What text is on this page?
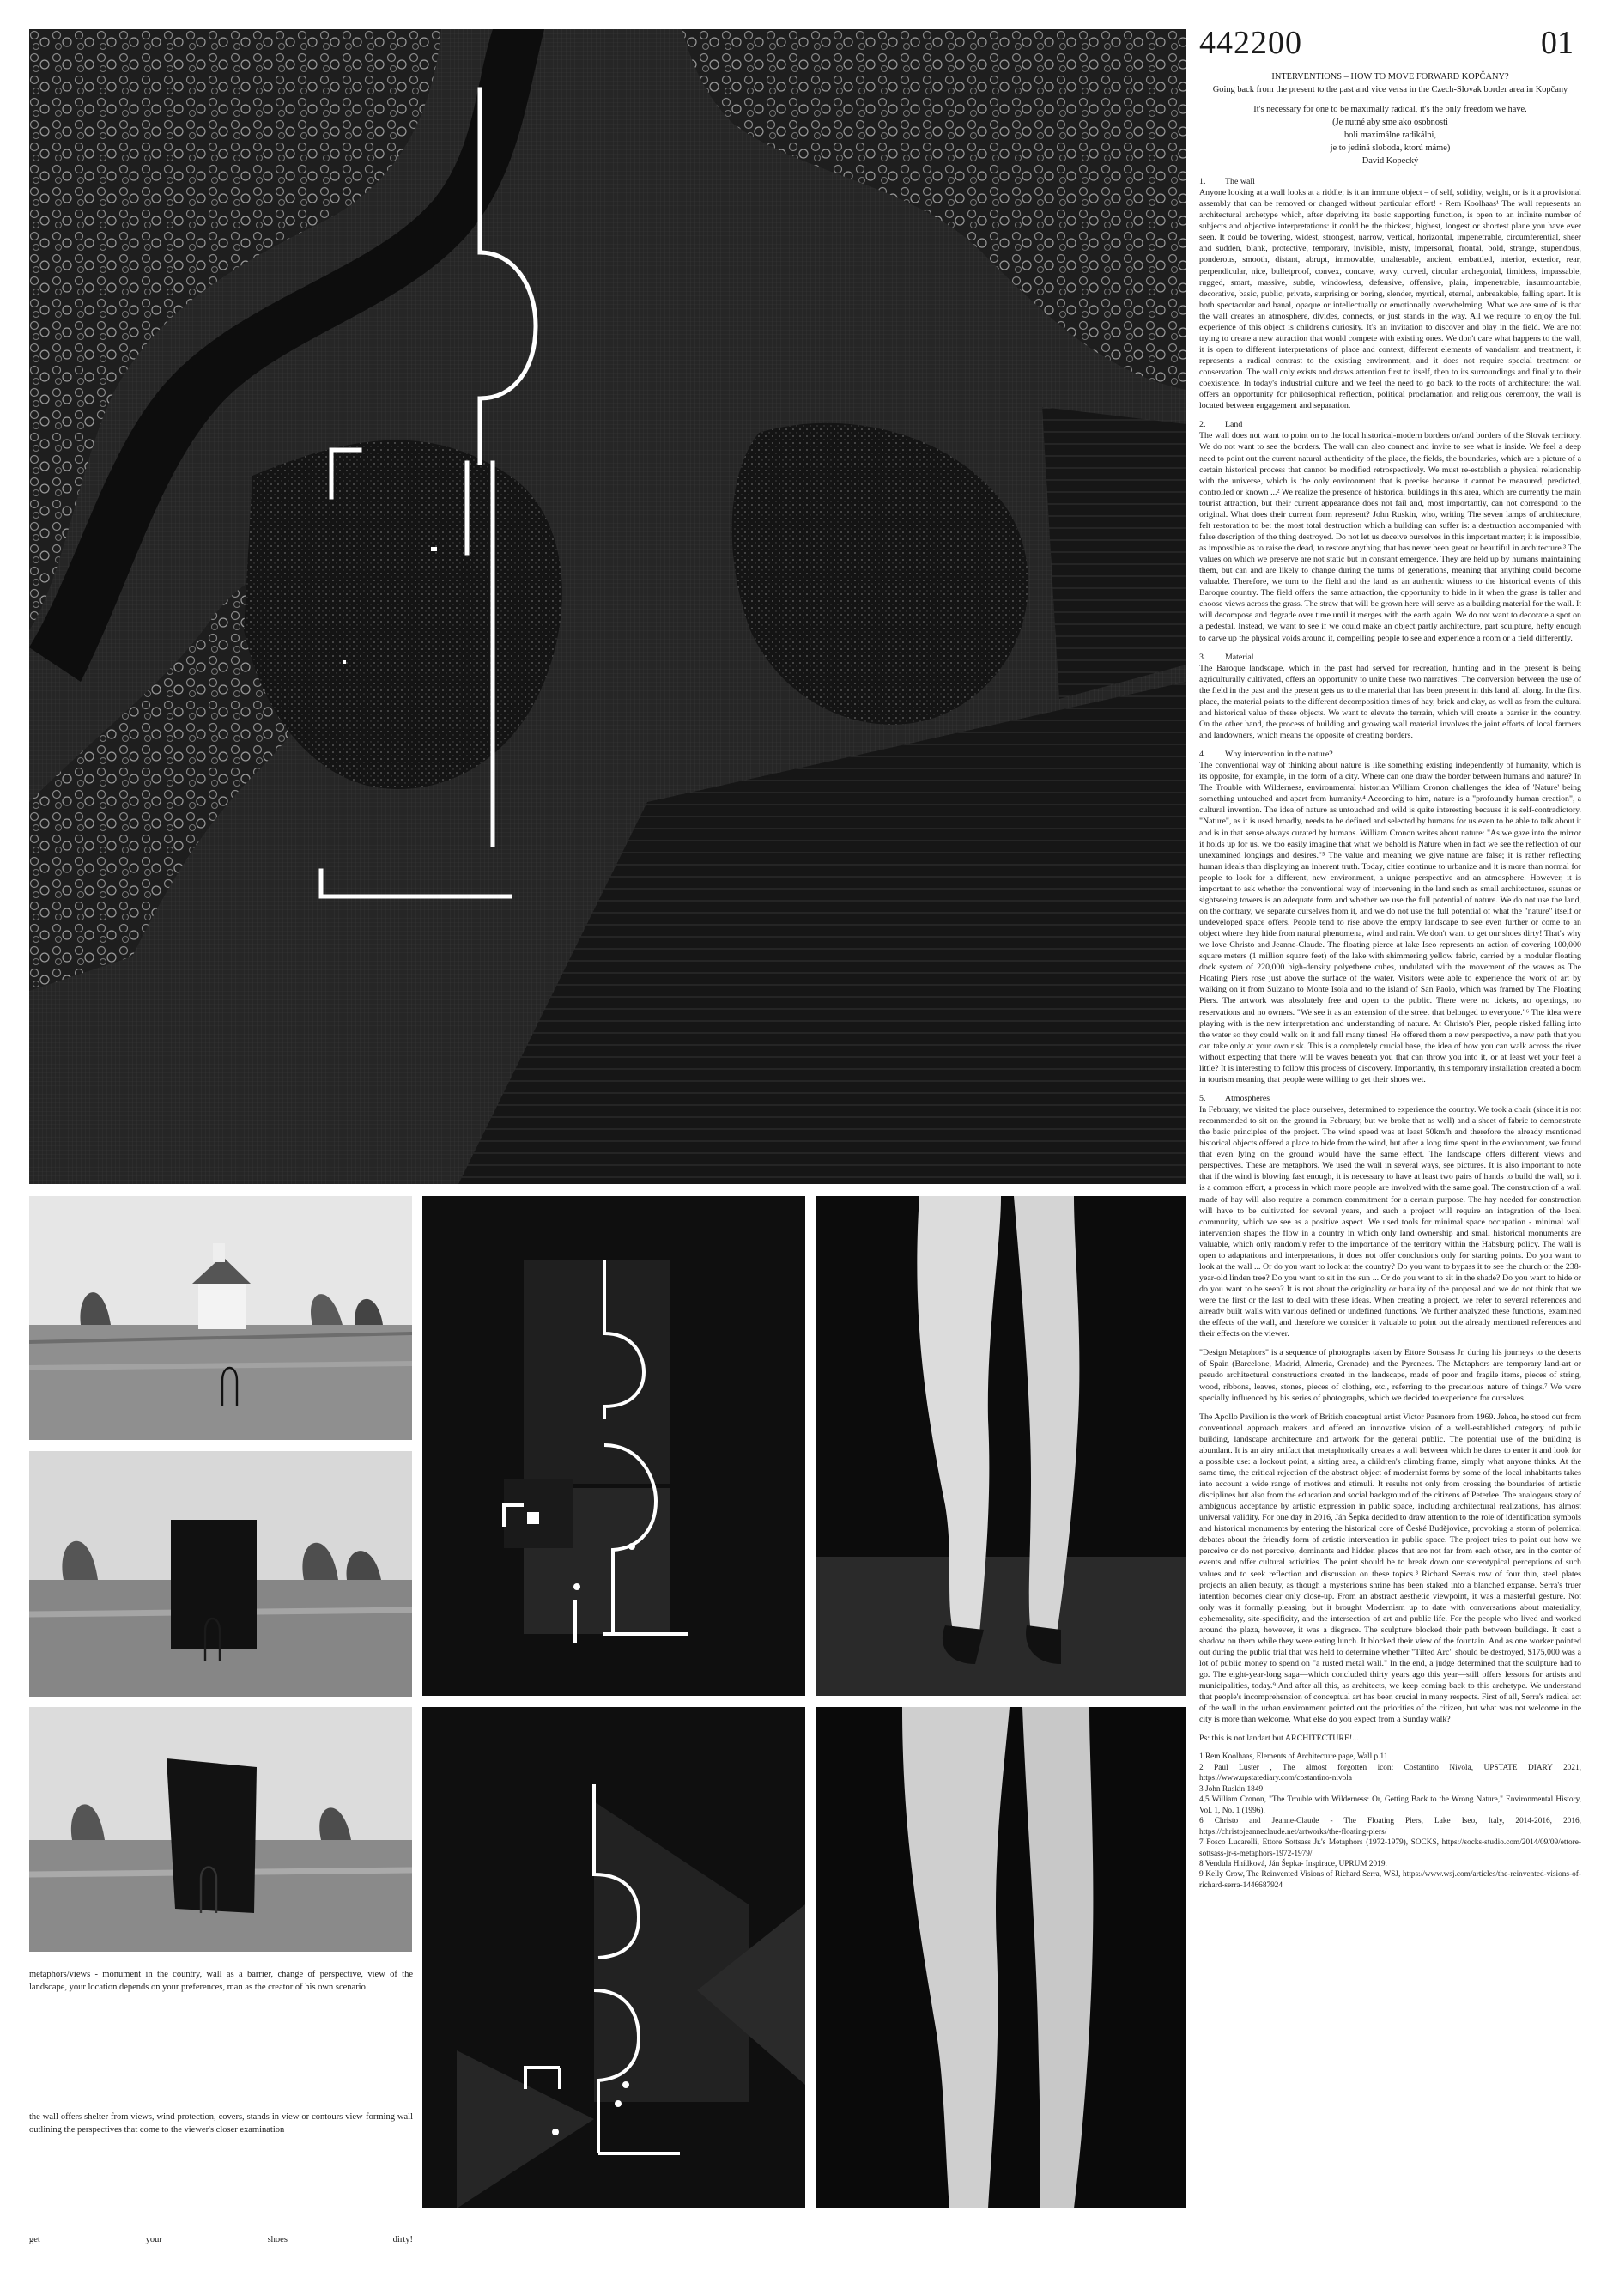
442200	01

INTERVENTIONS – HOW TO MOVE FORWARD KOPČANY?
Going back from the present to the past and vice versa in the Czech-Slovak border area in Kopčany

It's necessary for one to be maximally radical, it's the only freedom we have.
(Je nutné aby sme ako osobnosti
boli maximálne radikálni,
je to jediná sloboda, ktorú máme)
David Kopecký

1. The wall

Anyone looking at a wall looks at a riddle; is it an immune object – of self, solidity, weight, or is it a provisional assembly that can be removed or changed without particular effort! - Rem Koolhaas¹ The wall represents an architectural archetype which, after depriving its basic supporting function, is open to an infinite number of subjects and objective interpretations: it could be the thickest, highest, longest or shortest plane you have ever seen. It could be towering, widest, strongest, narrow, vertical, horizontal, impenetrable, circumferential, sheer and sudden, blank, protective, temporary, invisible, misty, impersonal, frontal, bold, strange, stupendous, ponderous, smooth, distant, abrupt, immovable, unalterable, ancient, embattled, interior, exterior, rear, perpendicular, nice, bulletproof, convex, concave, wavy, curved, circular archegonial, limitless, impassable, rugged, smart, massive, subtle, windowless, defensive, offensive, plain, impenetrable, insurmountable, decorative, basic, public, private, surprising or boring, slender, mystical, eternal, unbreakable, falling apart. It is both spectacular and banal, opaque or intellectually or emotionally overwhelming. What we are sure of is that the wall creates an atmosphere, divides, connects, or just stands in the way. All we require to enjoy the full experience of this object is children's curiosity. It's an invitation to discover and play in the field. We are not trying to create a new attraction that would compete with existing ones. We don't care what happens to the wall, it is open to different interpretations of place and context, different elements of vandalism and treatment, it represents a radical contrast to the existing environment, and it does not require special treatment or conservation. The wall only exists and draws attention first to itself, then to its surroundings and finally to their coexistence. In today's industrial culture and we feel the need to go back to the roots of architecture: the wall offers an opportunity for philosophical reflection, political proclamation and religious ceremony, the wall is located between engagement and separation.

2. Land

The wall does not want to point on to the local historical-modern borders or/and borders of the Slovak territory. We do not want to see the borders. The wall can also connect and invite to see what is inside. We feel a deep need to point out the current natural authenticity of the place, the fields, the boundaries, which are a picture of a certain historical process that cannot be modified retrospectively. We must re-establish a physical relationship with the universe, which is the only environment that is precise because it cannot be measured, predicted, controlled or known ...² We realize the presence of historical buildings in this area, which are currently the main tourist attraction, but their current appearance does not fail and, most importantly, can not correspond to the original. What does their current form represent? John Ruskin, who, writing The seven lamps of architecture, felt restoration to be: the most total destruction which a building can suffer is: a destruction accompanied with false description of the thing destroyed. Do not let us deceive ourselves in this important matter; it is impossible, as impossible as to raise the dead, to restore anything that has never been great or beautiful in architecture.³ The values on which we preserve are not static but in constant emergence. They are held up by humans maintaining them, but can and are likely to change during the turns of generations, meaning that anything could become valuable. Therefore, we turn to the field and the land as an authentic witness to the historical events of this Baroque country. The field offers the same attraction, the opportunity to hide in it when the grass is taller and choose views across the grass. The straw that will be grown here will serve as a building material for the wall. It will decompose and degrade over time until it merges with the earth again. We do not want to decorate a spot on a pedestal. Instead, we want to see if we could make an object partly architecture, part sculpture, hefty enough to carve up the physical voids around it, compelling people to see and experience a room or a field differently.

3. Material

The Baroque landscape, which in the past had served for recreation, hunting and in the present is being agriculturally cultivated, offers an opportunity to unite these two narratives. The conversion between the use of the field in the past and the present gets us to the material that has been present in this land all along. In the first place, the material points to the different decomposition times of hay, brick and clay, as well as from the cultural and historical value of these objects. We want to elevate the terrain, which will create a barrier in the country. On the other hand, the process of building and growing wall material involves the joint efforts of local farmers and landowners, which means the opposite of creating borders.

4. Why intervention in the nature?

The conventional way of thinking about nature is like something existing independently of humanity, which is its opposite, for example, in the form of a city. Where can one draw the border between humans and nature? In The Trouble with Wilderness, environmental historian William Cronon challenges the idea of 'Nature' being something untouched and apart from humanity.⁴ According to him, nature is a "profoundly human creation", a cultural invention. The idea of nature as untouched and wild is quite interesting because it is self-contradictory. "Nature", as it is used broadly, needs to be defined and selected by humans for us even to be able to talk about it and is in that sense always curated by humans. William Cronon writes about nature: "As we gaze into the mirror it holds up for us, we too easily imagine that what we behold is Nature when in fact we see the reflection of our unexamined longings and desires."⁵ The value and meaning we give nature are false; it is rather reflecting human ideals than displaying an inherent truth. Today, cities continue to urbanize and it is more than normal for people to look for a different, new environment, a unique perspective and an atmosphere. However, it is important to ask whether the conventional way of intervening in the land such as small architectures, saunas or sightseeing towers is an adequate form and whether we use the full potential of nature. We do not use the land, on the contrary, we separate ourselves from it, and we do not use the full potential of what the "nature" itself or undeveloped space offers. People tend to rise above the empty landscape to see even further or come to an object where they hide from natural phenomena, wind and rain. We don't want to get our shoes dirty! That's why we love Christo and Jeanne-Claude. The floating pierce at lake Iseo represents an action of covering 100,000 square meters (1 million square feet) of the lake with shimmering yellow fabric, carried by a modular floating dock system of 220,000 high-density polyethene cubes, undulated with the movement of the waves as The Floating Piers rose just above the surface of the water. Visitors were able to experience the work of art by walking on it from Sulzano to Monte Isola and to the island of San Paolo, which was framed by The Floating Piers. The artwork was absolutely free and open to the public. There were no tickets, no openings, no reservations and no owners. "We see it as an extension of the street that belonged to everyone."⁶ The idea we're playing with is the new interpretation and understanding of nature. At Christo's Pier, people risked falling into the water so they could walk on it and fall many times! He offered them a new perspective, a new path that you can take only at your own risk. This is a completely crucial base, the idea of how you can walk across the river without expecting that there will be waves beneath you that can throw you into it, or at least wet your feet a little? It is interesting to follow this process of discovery. Importantly, this temporary installation created a boom in tourism meaning that people were willing to get their shoes wet.

5. Atmospheres

In February, we visited the place ourselves, determined to experience the country. We took a chair (since it is not recommended to sit on the ground in February, but we broke that as well) and a sheet of fabric to demonstrate the basic principles of the project. The wind speed was at least 50km/h and therefore the already mentioned historical objects offered a place to hide from the wind, but after a long time spent in the environment, we found that even lying on the ground would have the same effect. The landscape offers different views and perspectives. These are metaphors. We used the wall in several ways, see pictures. It is also important to note that if the wind is blowing fast enough, it is necessary to have at least two pairs of hands to build the wall, so it is a common effort, a process in which more people are involved with the same goal. The construction of a wall made of hay will also require a common commitment for a certain purpose. The hay needed for construction will have to be cultivated for several years, and such a project will require an integration of the local community, which we see as a positive aspect. We used tools for minimal space occupation - minimal wall intervention shapes the flow in a country in which only land ownership and small historical monuments are valuable, which only randomly refer to the importance of the territory within the Habsburg policy. The wall is open to adaptations and interpretations, it does not offer conclusions only for starting points. Do you want to look at the wall ... Or do you want to look at the country? Do you want to bypass it to see the church or the 238-year-old linden tree? Do you want to sit in the sun ... Or do you want to sit in the shade? Do you want to hide or do you want to be seen? It is not about the originality or banality of the proposal and we do not think that we were the first or the last to deal with these ideas. When creating a project, we refer to several references and already built walls with various defined or undefined functions. We further analyzed these functions, examined the effects of the wall, and therefore we consider it valuable to point out the already mentioned references and their effects on the viewer.

"Design Metaphors" is a sequence of photographs taken by Ettore Sottsass Jr. during his journeys to the deserts of Spain (Barcelone, Madrid, Almeria, Grenade) and the Pyrenees. The Metaphors are temporary land-art or pseudo architectural constructions created in the landscape, made of poor and fragile items, pieces of string, wood, ribbons, leaves, stones, pieces of clothing, etc., referring to the precarious nature of things.⁷ We were specially influenced by his series of photographs, which we decided to experience for ourselves.

The Apollo Pavilion is the work of British conceptual artist Victor Pasmore from 1969. Jehoa, he stood out from conventional approach makers and offered an innovative vision of a well-established category of public building, landscape architecture and artwork for the general public. The potential use of the building is abundant. It is an airy artifact that metaphorically creates a wall between which he dares to enter it and look for a possible use: a lookout point, a sitting area, a children's climbing frame, simply what anyone thinks. At the same time, the critical rejection of the abstract object of modernist forms by some of the local inhabitants takes into account a wide range of motives and stimuli. It results not only from crossing the boundaries of artistic disciplines but also from the education and social background of the citizens of Peterlee. The analogous story of ambiguous acceptance by artistic expression in public space, including architectural realizations, has almost universal validity. For one day in 2016, Ján Šepka decided to draw attention to the role of identification symbols and historical monuments by entering the historical core of České Budějovice, provoking a storm of polemical debates about the friendly form of artistic intervention in public space. The project tries to point out how we perceive or do not perceive, dominants and hidden places that are not far from each other, are in the center of events and offer cultural activities. The point should be to break down our stereotypical perceptions of such values and to seek reflection and discussion on these topics.⁸ Richard Serra's row of four thin, steel plates projects an alien beauty, as though a mysterious shrine has been staked into a blanched expanse. Serra's truer intention becomes clear only close-up. From an abstract aesthetic viewpoint, it was a masterful gesture. Not only was it formally pleasing, but it brought Modernism up to date with conversations about materiality, ephemerality, site-specificity, and the intersection of art and public life. For the people who lived and worked around the plaza, however, it was a disgrace. The sculpture blocked their path between buildings. It cast a shadow on them while they were eating lunch. It blocked their view of the fountain. And as one worker pointed out during the public trial that was held to determine whether "Tilted Arc" should be destroyed, $175,000 was a lot of public money to spend on "a rusted metal wall." In the end, a judge determined that the sculpture had to go. The eight-year-long saga—which concluded thirty years ago this year—still offers lessons for artists and municipalities, today.⁹ And after all this, as architects, we keep coming back to this archetype. We understand that people's incomprehension of conceptual art has been crucial in many respects. First of all, Serra's radical act of the wall in the urban environment pointed out the priorities of the citizen, but what was not welcome in the city is more than welcome. What else do you expect from a Sunday walk?

Ps: this is not landart but ARCHITECTURE!...

1 Rem Koolhaas, Elements of Architecture page, Wall p.11
2 Paul Luster , The almost forgotten icon: Costantino Nivola, UPSTATE DIARY 2021, https://www.upstatediary.com/costantino-nivola
3 John Ruskin 1849
4,5 William Cronon, "The Trouble with Wilderness: Or, Getting Back to the Wrong Nature," Environmental History, Vol. 1, No. 1 (1996).
6 Christo and Jeanne-Claude - The Floating Piers, Lake Iseo, Italy, 2014-2016, 2016, https://christojeanneclaude.net/artworks/the-floating-piers/
7 Fosco Lucarelli, Ettore Sottsass Jr.'s Metaphors (1972-1979), SOCKS, https://socks-studio.com/2014/09/09/ettore-sottsass-jr-s-metaphors-1972-1979/
8 Vendula Hnídková, Ján Šepka- Inspirace, UPRUM 2019.
9 Kelly Crow, The Reinvented Visions of Richard Serra, WSJ, https://www.wsj.com/articles/the-reinvented-visions-of-richard-serra-1446687924
metaphors/views - monument in the country, wall as a barrier, change of perspective, view of the landscape, your location depends on your preferences, man as the creator of his own scenario
the wall offers shelter from views, wind protection, covers, stands in view or contours view-forming wall outlining the perspectives that come to the viewer's closer examination
get	your	shoes	dirty!
